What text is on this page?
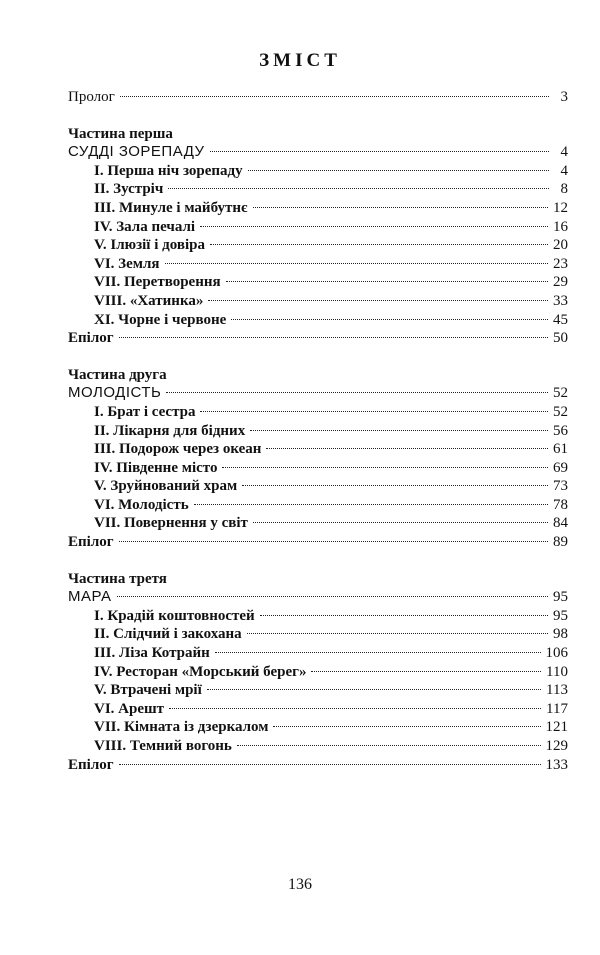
ЗМІСТ
Пролог	3
Частина перша
СУДДІ ЗОРЕПАДУ	4
І. Перша ніч зорепаду	4
ІІ. Зустріч	8
ІІІ. Минуле і майбутнє	12
IV. Зала печалі	16
V. Ілюзії і довіра	20
VI. Земля	23
VII. Перетворення	29
VIII. «Хатинка»	33
XI. Чорне і червоне	45
Епілог	50
Частина друга
МОЛОДІСТЬ	52
І. Брат і сестра	52
ІІ. Лікарня для бідних	56
ІІІ. Подорож через океан	61
IV. Південне місто	69
V. Зруйнований храм	73
VI. Молодість	78
VII. Повернення у світ	84
Епілог	89
Частина третя
МАРА	95
І. Крадій коштовностей	95
ІІ. Слідчий і закохана	98
ІІІ. Ліза Котрайн	106
IV. Ресторан «Морський берег»	110
V. Втрачені мрії	113
VI. Арешт	117
VII. Кімната із дзеркалом	121
VIII. Темний вогонь	129
Епілог	133
136
